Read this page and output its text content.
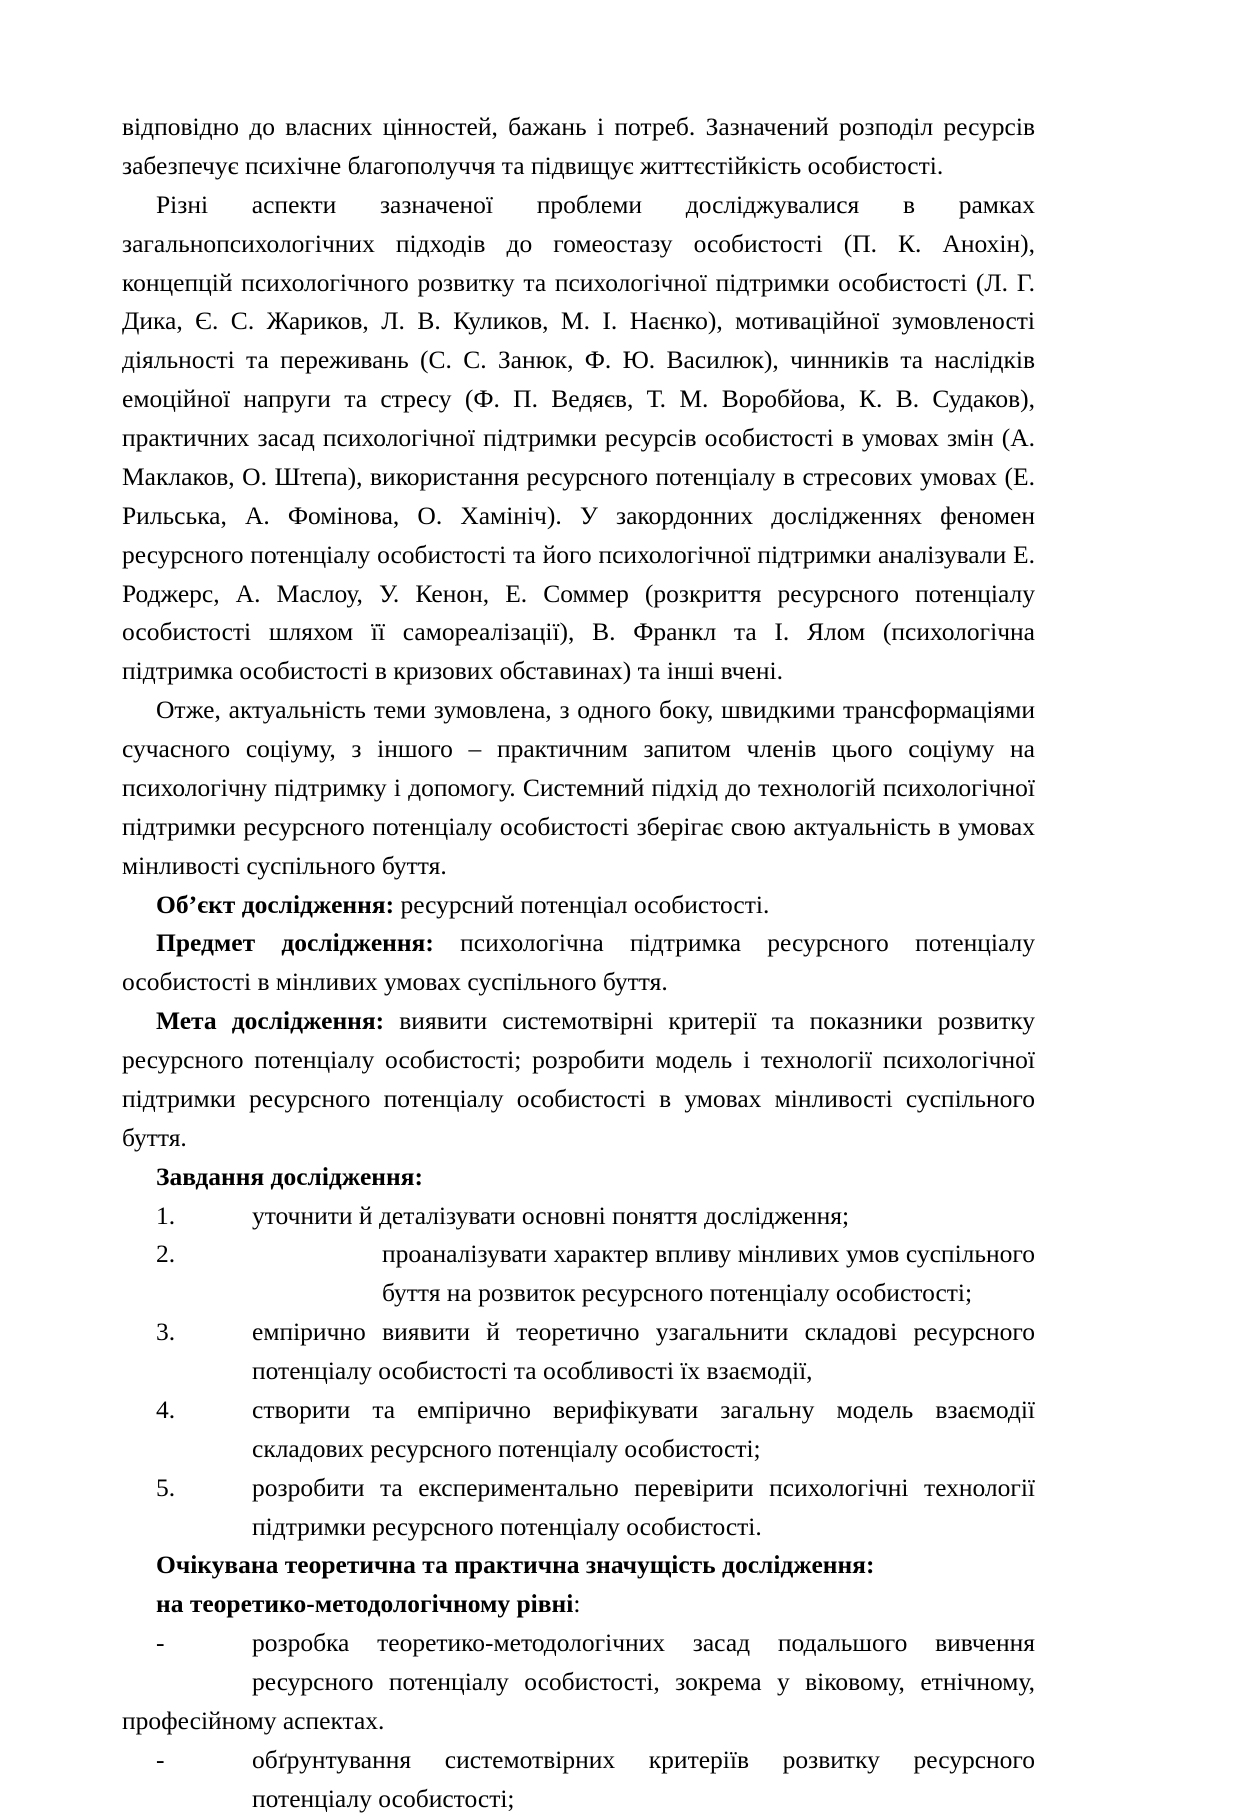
відповідно до власних цінностей, бажань і потреб. Зазначений розподіл ресурсів забезпечує психічне благополуччя та підвищує життєстійкість особистості.

Різні аспекти зазначеної проблеми досліджувалися в рамках загальнопсихологічних підходів до гомеостазу особистості (П. К. Анохін), концепцій психологічного розвитку та психологічної підтримки особистості (Л. Г. Дика, Є. С. Жариков, Л. В. Куликов, М. І. Наєнко), мотиваційної зумовленості діяльності та переживань (С. С. Занюк, Ф. Ю. Василюк), чинників та наслідків емоційної напруги та стресу (Ф. П. Ведяєв, Т. М. Воробйова, К. В. Судаков), практичних засад психологічної підтримки ресурсів особистості в умовах змін (А. Маклаков, О. Штепа), використання ресурсного потенціалу в стресових умовах (Е. Рильська, А. Фомінова, О. Хамініч). У закордонних дослідженнях феномен ресурсного потенціалу особистості та його психологічної підтримки аналізували Е. Роджерс, А. Маслоу, У. Кенон, Е. Соммер (розкриття ресурсного потенціалу особистості шляхом її самореалізації), В. Франкл та І. Ялом (психологічна підтримка особистості в кризових обставинах) та інші вчені.

Отже, актуальність теми зумовлена, з одного боку, швидкими трансформаціями сучасного соціуму, з іншого – практичним запитом членів цього соціуму на психологічну підтримку і допомогу. Системний підхід до технологій психологічної підтримки ресурсного потенціалу особистості зберігає свою актуальність в умовах мінливості суспільного буття.

Об’єкт дослідження: ресурсний потенціал особистості.

Предмет дослідження: психологічна підтримка ресурсного потенціалу особистості в мінливих умовах суспільного буття.

Мета дослідження: виявити системотвірні критерії та показники розвитку ресурсного потенціалу особистості; розробити модель і технології психологічної підтримки ресурсного потенціалу особистості в умовах мінливості суспільного буття.

Завдання дослідження:

1.	уточнити й деталізувати основні поняття дослідження;
2.	проаналізувати характер впливу мінливих умов суспільного буття на розвиток ресурсного потенціалу особистості;
3.	емпірично виявити й теоретично узагальнити складові ресурсного потенціалу особистості та особливості їх взаємодії,
4.	створити та емпірично верифікувати загальну модель взаємодії складових ресурсного потенціалу особистості;
5.	розробити та експериментально перевірити психологічні технології підтримки ресурсного потенціалу особистості.

Очікувана теоретична та практична значущість дослідження:

на теоретико-методологічному рівні:

-	розробка теоретико-методологічних засад подальшого вивчення ресурсного потенціалу особистості, зокрема у віковому, етнічному, професійному аспектах.
-	обґрунтування системотвірних критеріїв розвитку ресурсного потенціалу особистості;
